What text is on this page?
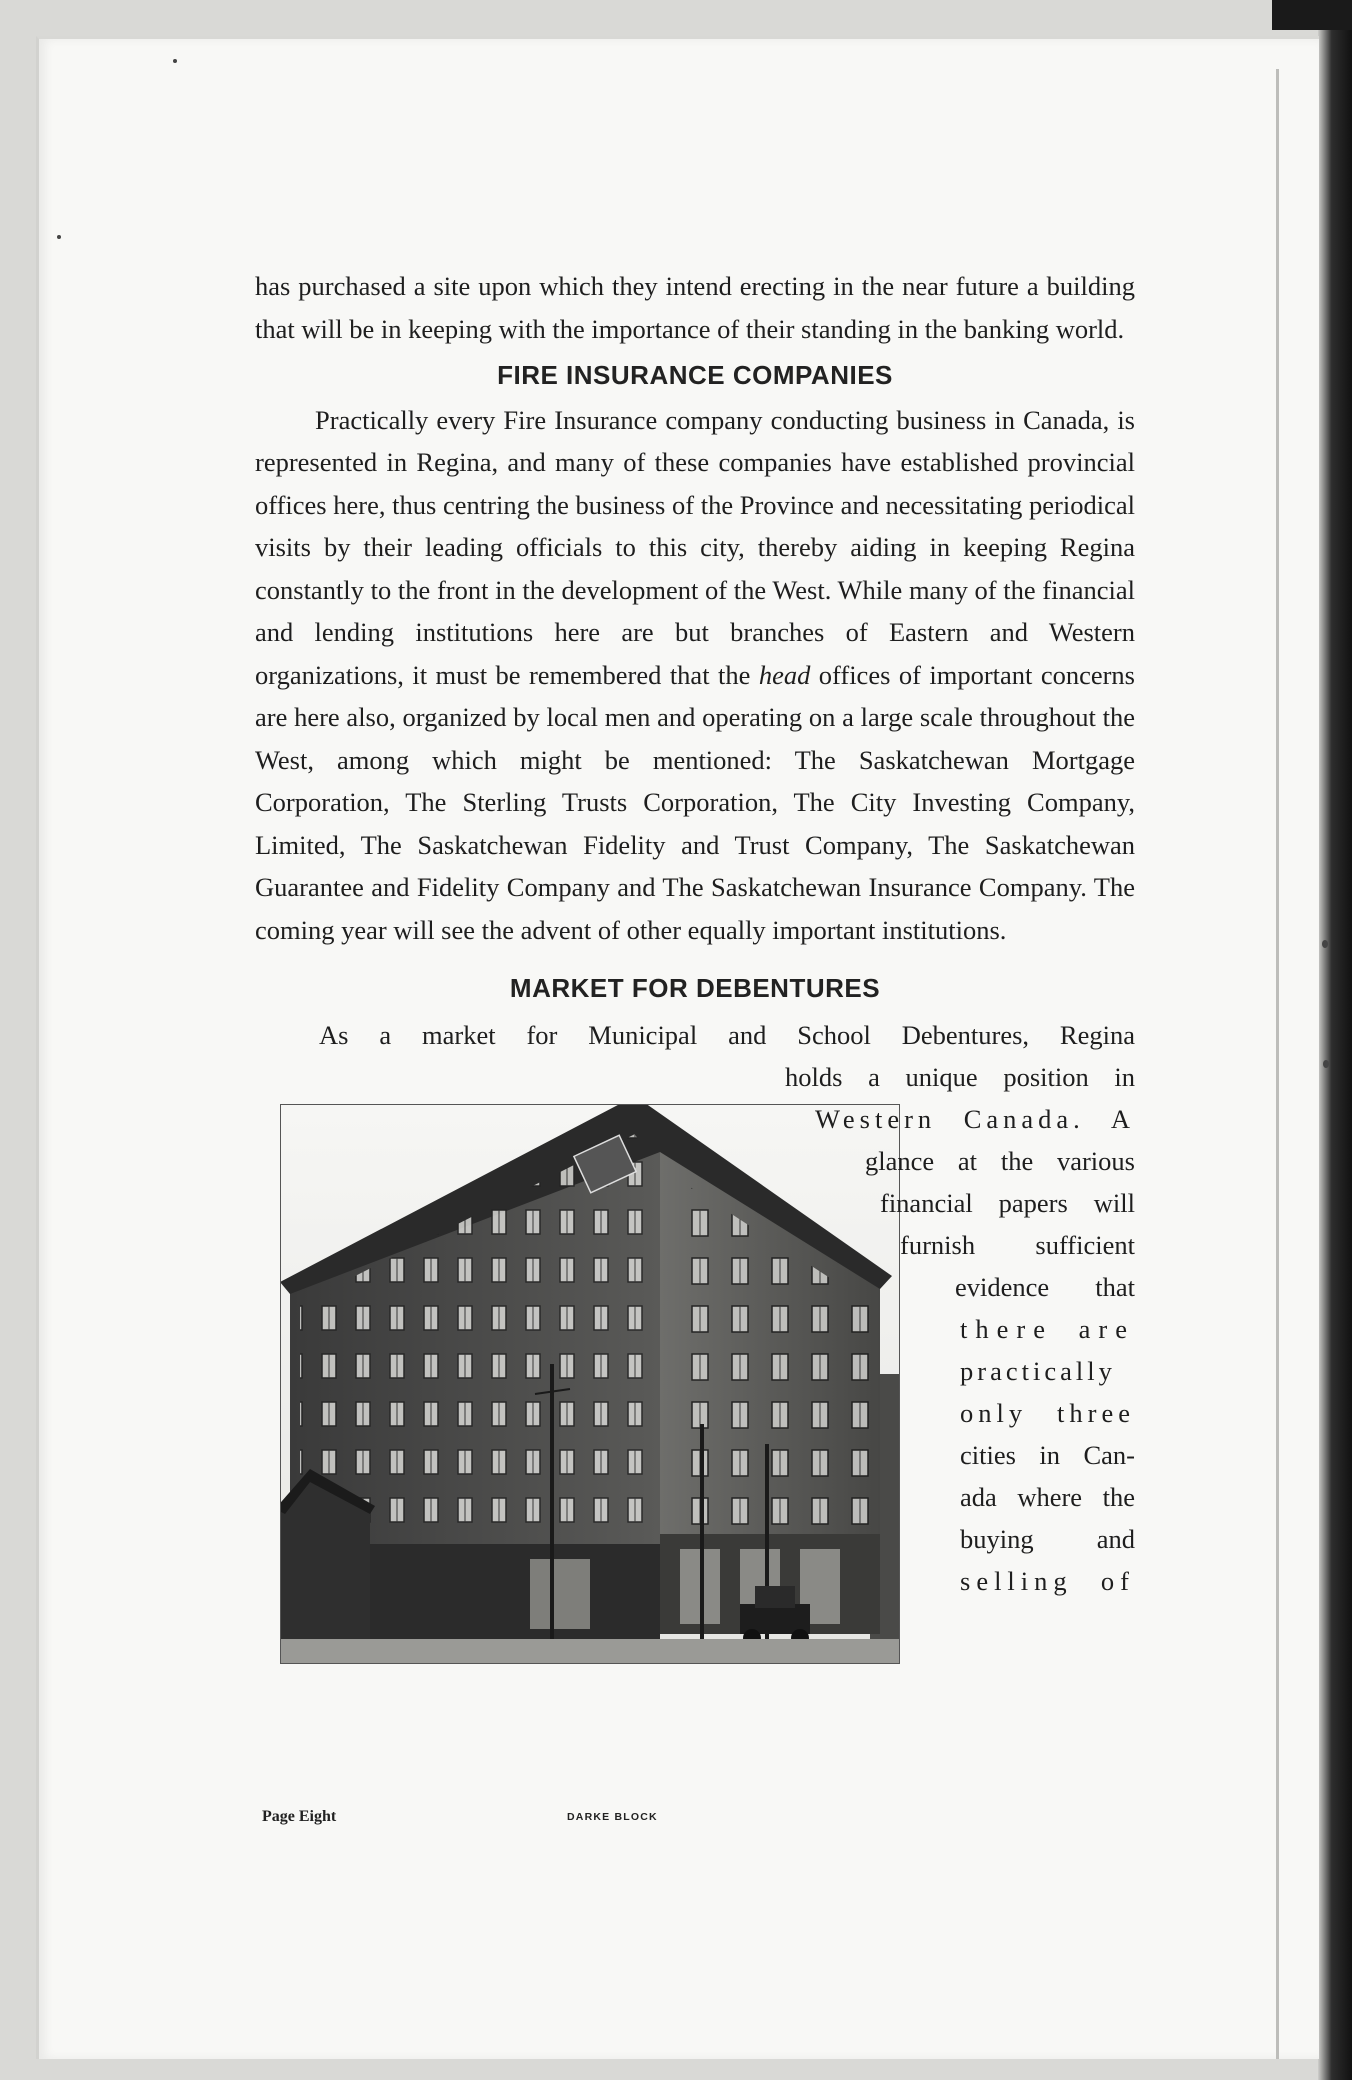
has purchased a site upon which they intend erecting in the near future a building that will be in keeping with the importance of their standing in the banking world.

FIRE INSURANCE COMPANIES

Practically every Fire Insurance company conducting business in Canada, is represented in Regina, and many of these companies have established provincial offices here, thus centring the business of the Province and necessitating periodical visits by their leading officials to this city, thereby aiding in keeping Regina constantly to the front in the development of the West. While many of the financial and lending institutions here are but branches of Eastern and Western organizations, it must be remembered that the head offices of important concerns are here also, organized by local men and operating on a large scale throughout the West, among which might be mentioned: The Saskatchewan Mortgage Corporation, The Sterling Trusts Corporation, The City Investing Company, Limited, The Saskatchewan Fidelity and Trust Company, The Saskatchewan Guarantee and Fidelity Company and The Saskatchewan Insurance Company. The coming year will see the advent of other equally important institutions.

MARKET FOR DEBENTURES

As a market for Municipal and School Debentures, Regina

holds a unique position in
Western Canada. A
glance at the various
financial papers will
furnish sufficient
evidence that
there are
practically
only three
cities in Can-
ada where the
buying and
selling of
Page Eight	DARKE BLOCK
